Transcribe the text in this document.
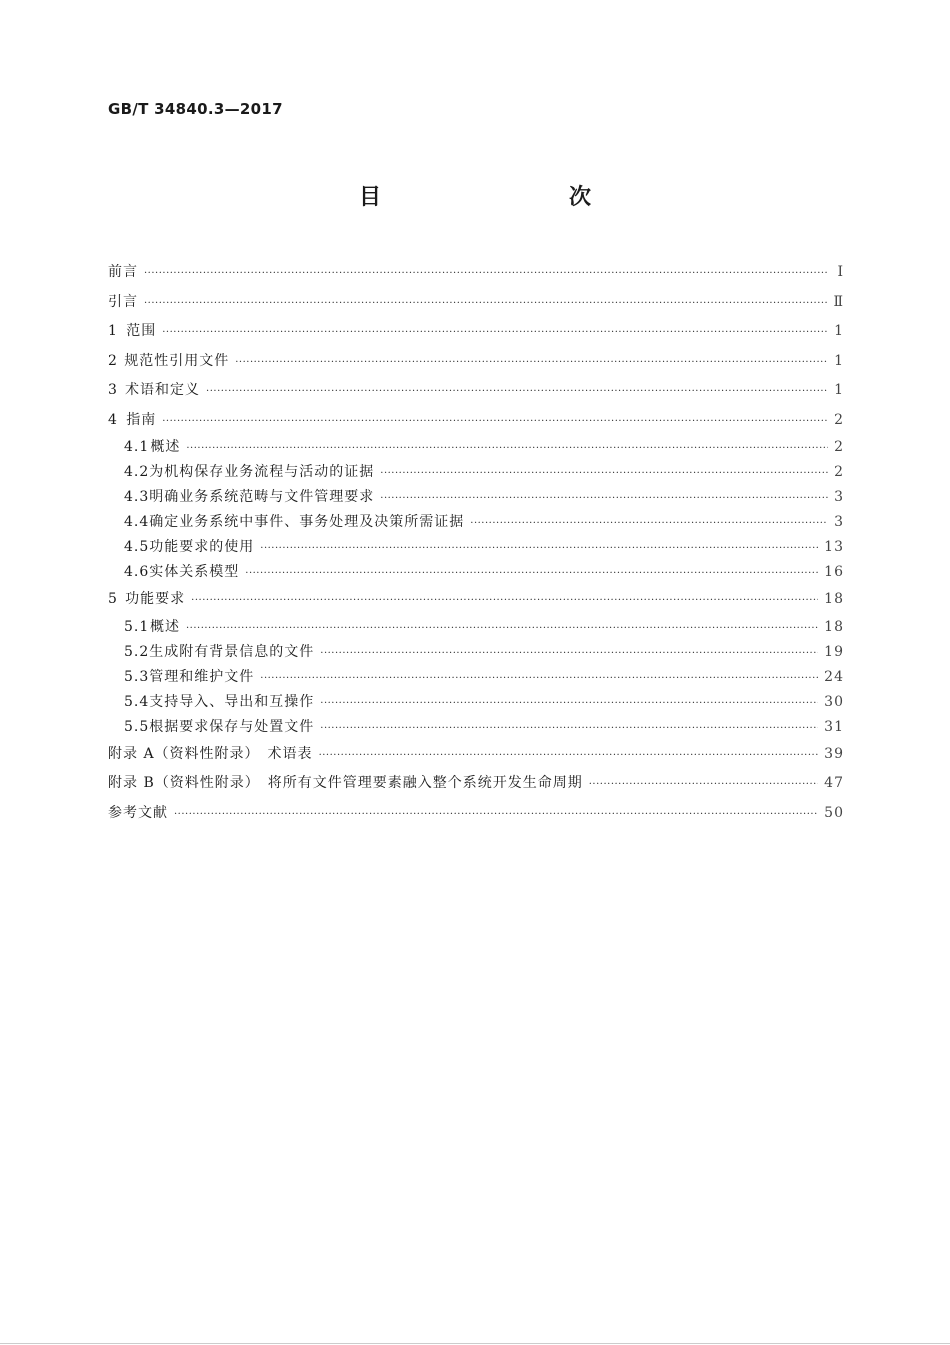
GB/T 34840.3—2017
目　　次
前言 ·····	Ⅰ
引言 ·····	Ⅱ
1 范围 ·····	1
2 规范性引用文件 ·····	1
3 术语和定义 ·····	1
4 指南 ·····	2
4.1 概述 ·····	2
4.2 为机构保存业务流程与活动的证据 ·····	2
4.3 明确业务系统范畴与文件管理要求 ·····	3
4.4 确定业务系统中事件、事务处理及决策所需证据 ·····	3
4.5 功能要求的使用 ·····	13
4.6 实体关系模型 ·····	16
5 功能要求 ·····	18
5.1 概述 ·····	18
5.2 生成附有背景信息的文件 ·····	19
5.3 管理和维护文件 ·····	24
5.4 支持导入、导出和互操作 ·····	30
5.5 根据要求保存与处置文件 ·····	31
附录 A（资料性附录）　术语表 ·····	39
附录 B（资料性附录）　将所有文件管理要素融入整个系统开发生命周期 ·····	47
参考文献 ·····	50
